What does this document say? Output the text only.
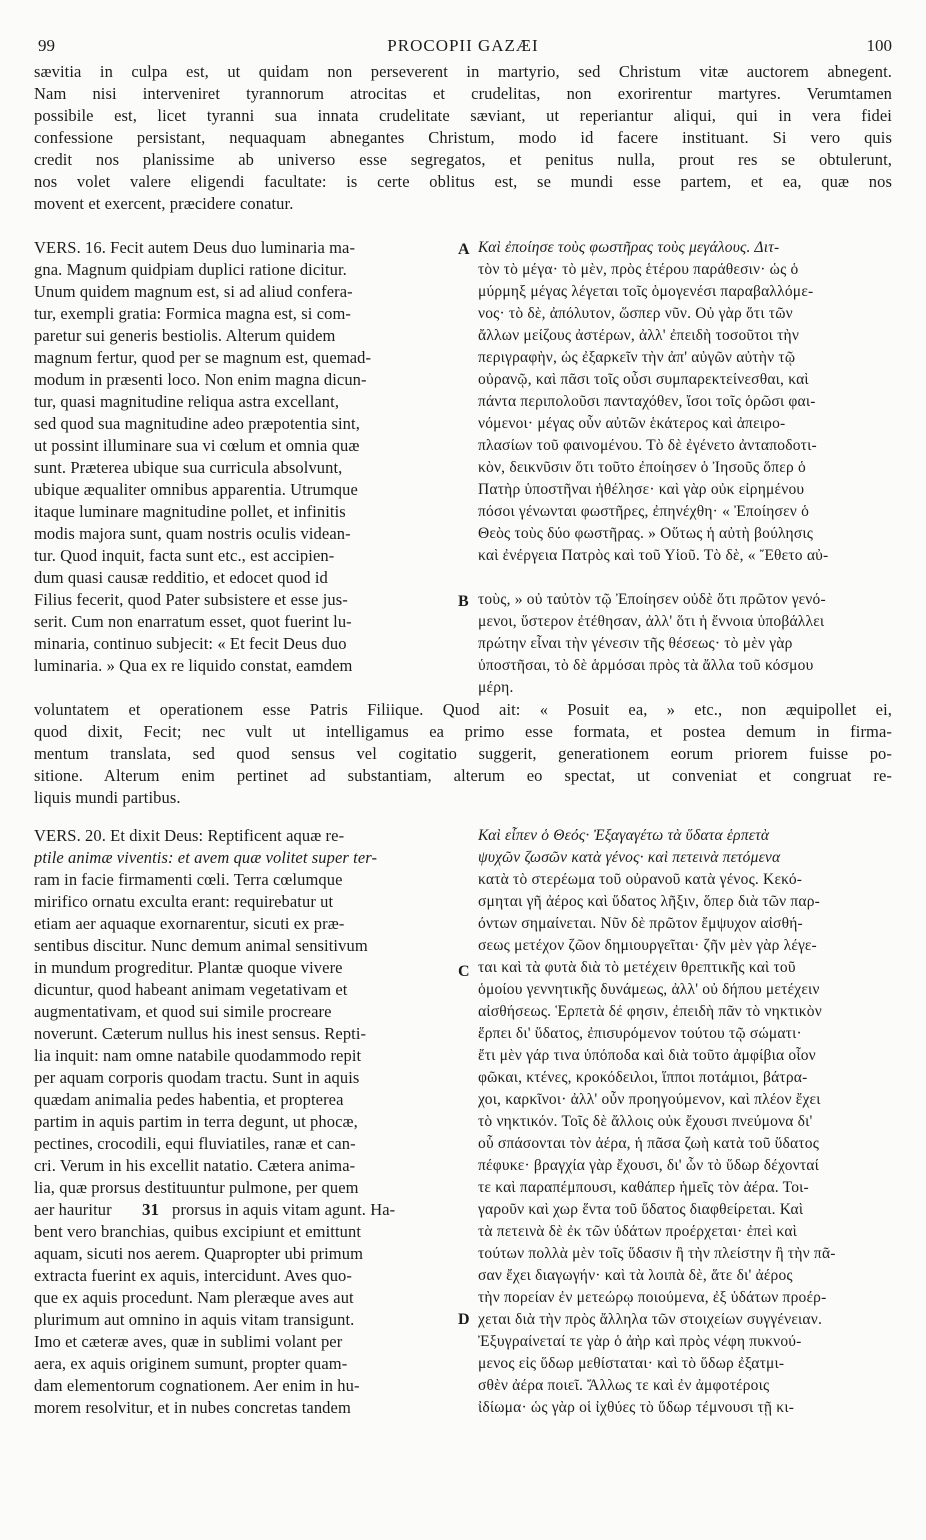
99	PROCOPII GAZÆI	100
sævitia in culpa est, ut quidam non perseverent in martyrio, sed Christum vitæ auctorem abnegent.
Nam nisi interveniret tyrannorum atrocitas et crudelitas, non exorirentur martyres. Verumtamen
possibile est, licet tyranni sua innata crudelitate sæviant, ut reperiantur aliqui, qui in vera fidei
confessione persistant, nequaquam abnegantes Christum, modo id facere instituant. Si vero quis
credit nos planissime ab universo esse segregatos, et penitus nulla, prout res se obtulerunt,
nos volet valere eligendi facultate: is certe oblitus est, se mundi esse partem, et ea, quæ nos
movent et exercent, præcidere conatur.
A
VERS. 16. Fecit autem Deus duo luminaria ma-
gna. Magnum quidpiam duplici ratione dicitur.
Unum quidem magnum est, si ad aliud confera-
tur, exempli gratia: Formica magna est, si com-
paretur sui generis bestiolis. Alterum quidem
magnum fertur, quod per se magnum est, quemad-
modum in præsenti loco. Non enim magna dicun-
tur, quasi magnitudine reliqua astra excellant,
sed quod sua magnitudine adeo præpotentia sint,
ut possint illuminare sua vi cœlum et omnia quæ
sunt. Præterea ubique sua curricula absolvunt,
ubique æqualiter omnibus apparentia. Utrumque
itaque luminare magnitudine pollet, et infinitis
modis majora sunt, quam nostris oculis videan-
tur. Quod inquit, facta sunt etc., est accipien-
dum quasi causæ redditio, et edocet quod id
Filius fecerit, quod Pater subsistere et esse jus-
serit. Cum non enarratum esset, quot fuerint lu-
minaria, continuo subjecit: « Et fecit Deus duo
luminaria. » Qua ex re liquido constat, eamdem
Καὶ ἐποίησε τοὺς φωστῆρας τοὺς μεγάλους. Διτ-
τὸν τὸ μέγα· τὸ μὲν, πρὸς ἑτέρου παράθεσιν· ὡς ὁ
μύρμηξ μέγας λέγεται τοῖς ὁμογενέσι παραβαλλόμε-
νος· τὸ δὲ, ἀπόλυτον, ὥσπερ νῦν. Οὐ γὰρ ὅτι τῶν
ἄλλων μείζους ἀστέρων, ἀλλ' ἐπειδὴ τοσοῦτοι τὴν
περιγραφὴν, ὡς ἐξαρκεῖν τὴν ἀπ' αὐγῶν αὐτὴν τῷ
οὐρανῷ, καὶ πᾶσι τοῖς οὖσι συμπαρεκτείνεσθαι, καὶ
πάντα περιπολοῦσι πανταχόθεν, ἴσοι τοῖς ὁρῶσι φαι-
νόμενοι· μέγας οὖν αὐτῶν ἑκάτερος καὶ ἀπειρο-
πλασίων τοῦ φαινομένου. Τὸ δὲ ἐγένετο ἀνταποδοτι-
κὸν, δεικνῦσιν ὅτι τοῦτο ἐποίησεν ὁ Ἰησοῦς ὅπερ ὁ
Πατὴρ ὑποστῆναι ἠθέλησε· καὶ γὰρ οὐκ εἰρημένου
πόσοι γένωνται φωστῆρες, ἐπηνέχθη· « Ἐποίησεν ὁ
Θεὸς τοὺς δύο φωστῆρας. » Οὕτως ἡ αὐτὴ βούλησις
καὶ ἐνέργεια Πατρὸς καὶ τοῦ Υἱοῦ. Τὸ δὲ, « Ἔθετο αὐ-
B τοὺς, » οὐ ταὐτὸν τῷ Ἐποίησεν οὐδὲ ὅτι πρῶτον γενό-
μενοι, ὕστερον ἐτέθησαν, ἀλλ' ὅτι ἡ ἔννοια ὑποβάλλει
πρώτην εἶναι τὴν γένεσιν τῆς θέσεως· τὸ μὲν γὰρ
ὑποστῆσαι, τὸ δὲ ἁρμόσαι πρὸς τὰ ἄλλα τοῦ κόσμου
μέρη.
voluntatem et operationem esse Patris Filiique. Quod ait: « Posuit ea, » etc., non æquipollet ei,
quod dixit, Fecit; nec vult ut intelligamus ea primo esse formata, et postea demum in firma-
mentum translata, sed quod sensus vel cogitatio suggerit, generationem eorum priorem fuisse po-
sitione. Alterum enim pertinet ad substantiam, alterum eo spectat, ut conveniat et congruat re-
liquis mundi partibus.
C
VERS. 20. Et dixit Deus: Reptificent aquæ re-
ptile animæ viventis: et avem quæ volitet super ter-
ram in facie firmamenti cœli. Terra cœlumque
mirifico ornatu exculta erant: requirebatur ut
etiam aer aquaque exornarentur, sicuti ex præ-
sentibus discitur. Nunc demum animal sensitivum
in mundum progreditur. Plantæ quoque vivere
dicuntur, quod habeant animam vegetativam et
augmentativam, et quod sui simile procreare
noverunt. Cæterum nullus his inest sensus. Repti-
lia inquit: nam omne natabile quodammodo repit
per aquam corporis quodam tractu. Sunt in aquis
quædam animalia pedes habentia, et propterea
partim in aquis partim in terra degunt, ut phocæ,
pectines, crocodili, equi fluviatiles, ranæ et can-
cri. Verum in his excellit natatio. Cætera anima-
lia, quæ prorsus destituuntur pulmone, per quem
aer hauritur 31 prorsus in aquis vitam agunt. Ha-
bent vero branchias, quibus excipiunt et emittunt
aquam, sicuti nos aerem. Quapropter ubi primum
extracta fuerint ex aquis, intercidunt. Aves quo-
que ex aquis procedunt. Nam pleræque aves aut
plurimum aut omnino in aquis vitam transigunt.
Imo et cæteræ aves, quæ in sublimi volant per
aera, ex aquis originem sumunt, propter quam-
dam elementorum cognationem. Aer enim in hu-
morem resolvitur, et in nubes concretas tandem
Καὶ εἶπεν ὁ Θεός· Ἐξαγαγέτω τὰ ὕδατα ἑρπετὰ
ψυχῶν ζωσῶν κατὰ γένος· καὶ πετεινὰ πετόμενα
κατὰ τὸ στερέωμα τοῦ οὐρανοῦ κατὰ γένος. Κεκό-
σμηται γῆ ἀέρος καὶ ὕδατος λῆξιν, ὅπερ διὰ τῶν παρ-
όντων σημαίνεται. Νῦν δὲ πρῶτον ἔμψυχον αἰσθή-
σεως μετέχον ζῶον δημιουργεῖται· ζῆν μὲν γὰρ λέγε-
ται καὶ τὰ φυτὰ διὰ τὸ μετέχειν θρεπτικῆς καὶ τοῦ
ὁμοίου γεννητικῆς δυνάμεως, ἀλλ' οὐ δήπου μετέχειν
αἰσθήσεως. Ἑρπετὰ δέ φησιν, ἐπειδὴ πᾶν τὸ νηκτικὸν
ἕρπει δι' ὕδατος, ἐπισυρόμενον τούτου τῷ σώματι·
ἔτι μὲν γάρ τινα ὑπόποδα καὶ διὰ τοῦτο ἀμφίβια οἷον
φῶκαι, κτένες, κροκόδειλοι, ἵπποι ποτάμιοι, βάτρα-
χοι, καρκῖνοι· ἀλλ' οὖν προηγούμενον, καὶ πλέον ἔχει
τὸ νηκτικόν. Τοῖς δὲ ἄλλοις οὐκ ἔχουσι πνεύμονα δι'
οὗ σπάσονται τὸν ἀέρα, ἡ πᾶσα ζωὴ κατὰ τοῦ ὕδατος
πέφυκε· βραγχία γὰρ ἔχουσι, δι' ὧν τὸ ὕδωρ δέχονταί
τε καὶ παραπέμπουσι, καθάπερ ἡμεῖς τὸν ἀέρα. Τοι-
γαροῦν καὶ χωρ ἕντα τοῦ ὕδατος διαφθείρεται. Καὶ
τὰ πετεινὰ δὲ ἐκ τῶν ὑδάτων προέρχεται· ἐπεὶ καὶ
τούτων πολλὰ μὲν τοῖς ὕδασιν ἢ τὴν πλείστην ἢ τὴν πᾶ-
D
σαν ἔχει διαγωγήν· καὶ τὰ λοιπὰ δὲ, ἅτε δι' ἀέρος
τὴν πορείαν ἐν μετεώρῳ ποιούμενα, ἐξ ὑδάτων προέρ-
χεται διὰ τὴν πρὸς ἄλληλα τῶν στοιχείων συγγένειαν.
Ἐξυγραίνεταί τε γὰρ ὁ ἀὴρ καὶ πρὸς νέφη πυκνού-
μενος εἰς ὕδωρ μεθίσταται· καὶ τὸ ὕδωρ ἐξατμι-
σθὲν ἀέρα ποιεῖ. Ἄλλως τε καὶ ἐν ἀμφοτέροις
ἰδίωμα· ὡς γὰρ οἱ ἰχθύες τὸ ὕδωρ τέμνουσι τῇ κι-
